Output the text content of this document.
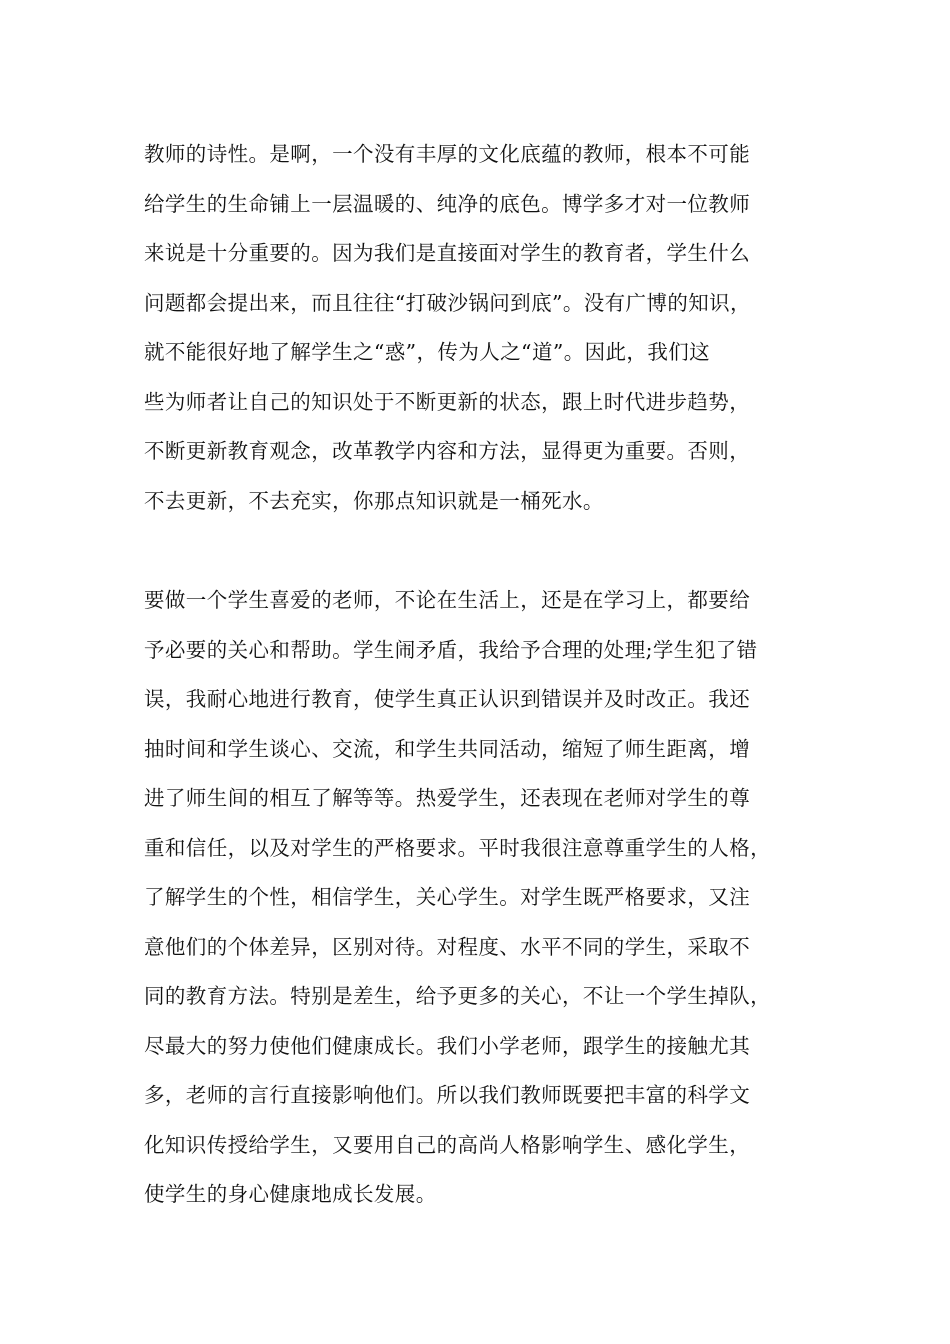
教师的诗性。是啊，一个没有丰厚的文化底蕴的教师，根本不可能
给学生的生命铺上一层温暖的、纯净的底色。博学多才对一位教师
来说是十分重要的。因为我们是直接面对学生的教育者，学生什么
问题都会提出来，而且往往“打破沙锅问到底”。没有广博的知识，
就不能很好地了解学生之“惑”，传为人之“道”。因此，我们这
些为师者让自己的知识处于不断更新的状态，跟上时代进步趋势，
不断更新教育观念，改革教学内容和方法，显得更为重要。否则，
不去更新，不去充实，你那点知识就是一桶死水。
要做一个学生喜爱的老师，不论在生活上，还是在学习上，都要给
予必要的关心和帮助。学生闹矛盾，我给予合理的处理;学生犯了错
误，我耐心地进行教育，使学生真正认识到错误并及时改正。我还
抽时间和学生谈心、交流，和学生共同活动，缩短了师生距离，增
进了师生间的相互了解等等。热爱学生，还表现在老师对学生的尊
重和信任，以及对学生的严格要求。平时我很注意尊重学生的人格，
了解学生的个性，相信学生，关心学生。对学生既严格要求，又注
意他们的个体差异，区别对待。对程度、水平不同的学生，采取不
同的教育方法。特别是差生，给予更多的关心，不让一个学生掉队，
尽最大的努力使他们健康成长。我们小学老师，跟学生的接触尤其
多，老师的言行直接影响他们。所以我们教师既要把丰富的科学文
化知识传授给学生，又要用自己的高尚人格影响学生、感化学生，
使学生的身心健康地成长发展。
